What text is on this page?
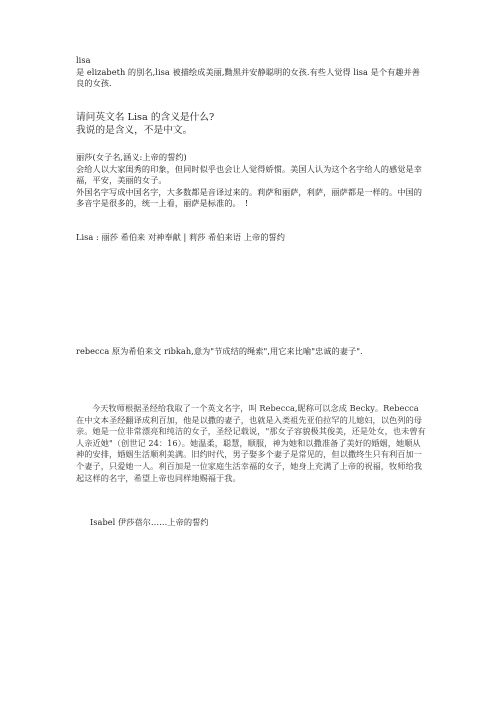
lisa
是 elizabeth 的別名,lisa 被描绘成美丽,黝黑并安静聪明的女孩.有些人觉得 lisa 是个有趣并善良的女孩.
请问英文名 Lisa 的含义是什么?
我说的是含义，不是中文。
丽莎(女子名,涵义:上帝的誓约)
会给人以大家闺秀的印象，但同时似乎也会让人觉得娇惯。美国人认为这个名字给人的感觉是幸福，平安，美丽的女子。
外国名字写成中国名字，大多数都是音译过来的。莉萨和丽萨，利萨，丽萨都是一样的。中国的多音字是很多的，统一上看，丽萨是标准的。　!
Lisa : 丽莎 希伯来 对神奉献 | 莉莎 希伯来语 上帝的誓约
rebecca 原为希伯来文 ribkah,意为"节成结的绳索",用它来比喻"忠诚的妻子".
今天牧师根据圣经给我取了一个英文名字，叫 Rebecca,昵称可以念成 Becky。Rebecca 在中文本圣经翻译成利百加，他是以撒的妻子，也就是入类祖先亚伯拉罕的儿媳妇，以色列的母亲。她是一位非常漂亮和纯洁的女子，圣经记载说，"那女子容貌极其俊美，还是处女，也未曾有人亲近她"（创世记 24：16）。她温柔，聪慧，顺服，神为她和以撒准备了美好的婚姻，她顺从神的安排，婚姻生活顺利美满。旧约时代，男子娶多个妻子是常见的，但以撒终生只有利百加一个妻子，只爱她一人。利百加是一位家庭生活幸福的女子，她身上充满了上帝的祝福，牧师给我起这样的名字，希望上帝也同样地赐福于我。
Isabel 伊莎蓓尔……上帝的誓约
